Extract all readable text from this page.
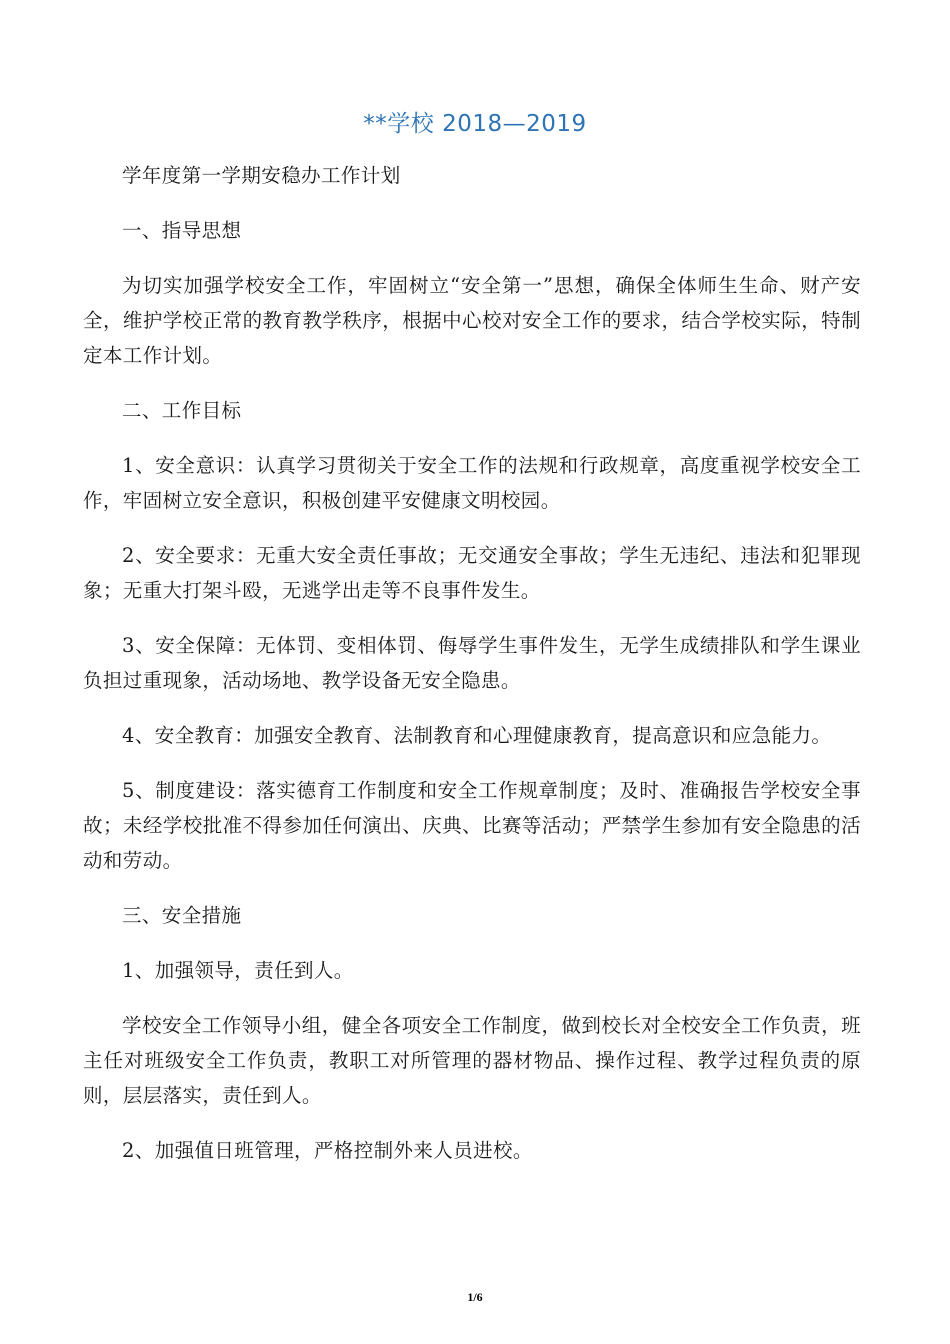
**学校 2018—2019

学年度第一学期安稳办工作计划

一、指导思想

为切实加强学校安全工作，牢固树立“安全第一”思想，确保全体师生生命、财产安全，维护学校正常的教育教学秩序，根据中心校对安全工作的要求，结合学校实际，特制定本工作计划。

二、工作目标

1、安全意识：认真学习贯彻关于安全工作的法规和行政规章，高度重视学校安全工作，牢固树立安全意识，积极创建平安健康文明校园。

2、安全要求：无重大安全责任事故；无交通安全事故；学生无违纪、违法和犯罪现象；无重大打架斗殴，无逃学出走等不良事件发生。

3、安全保障：无体罚、变相体罚、侮辱学生事件发生，无学生成绩排队和学生课业负担过重现象，活动场地、教学设备无安全隐患。

4、安全教育：加强安全教育、法制教育和心理健康教育，提高意识和应急能力。

5、制度建设：落实德育工作制度和安全工作规章制度；及时、准确报告学校安全事故；未经学校批准不得参加任何演出、庆典、比赛等活动；严禁学生参加有安全隐患的活动和劳动。

三、安全措施

1、加强领导，责任到人。

学校安全工作领导小组，健全各项安全工作制度，做到校长对全校安全工作负责，班主任对班级安全工作负责，教职工对所管理的器材物品、操作过程、教学过程负责的原则，层层落实，责任到人。

2、加强值日班管理，严格控制外来人员进校。

1/6
